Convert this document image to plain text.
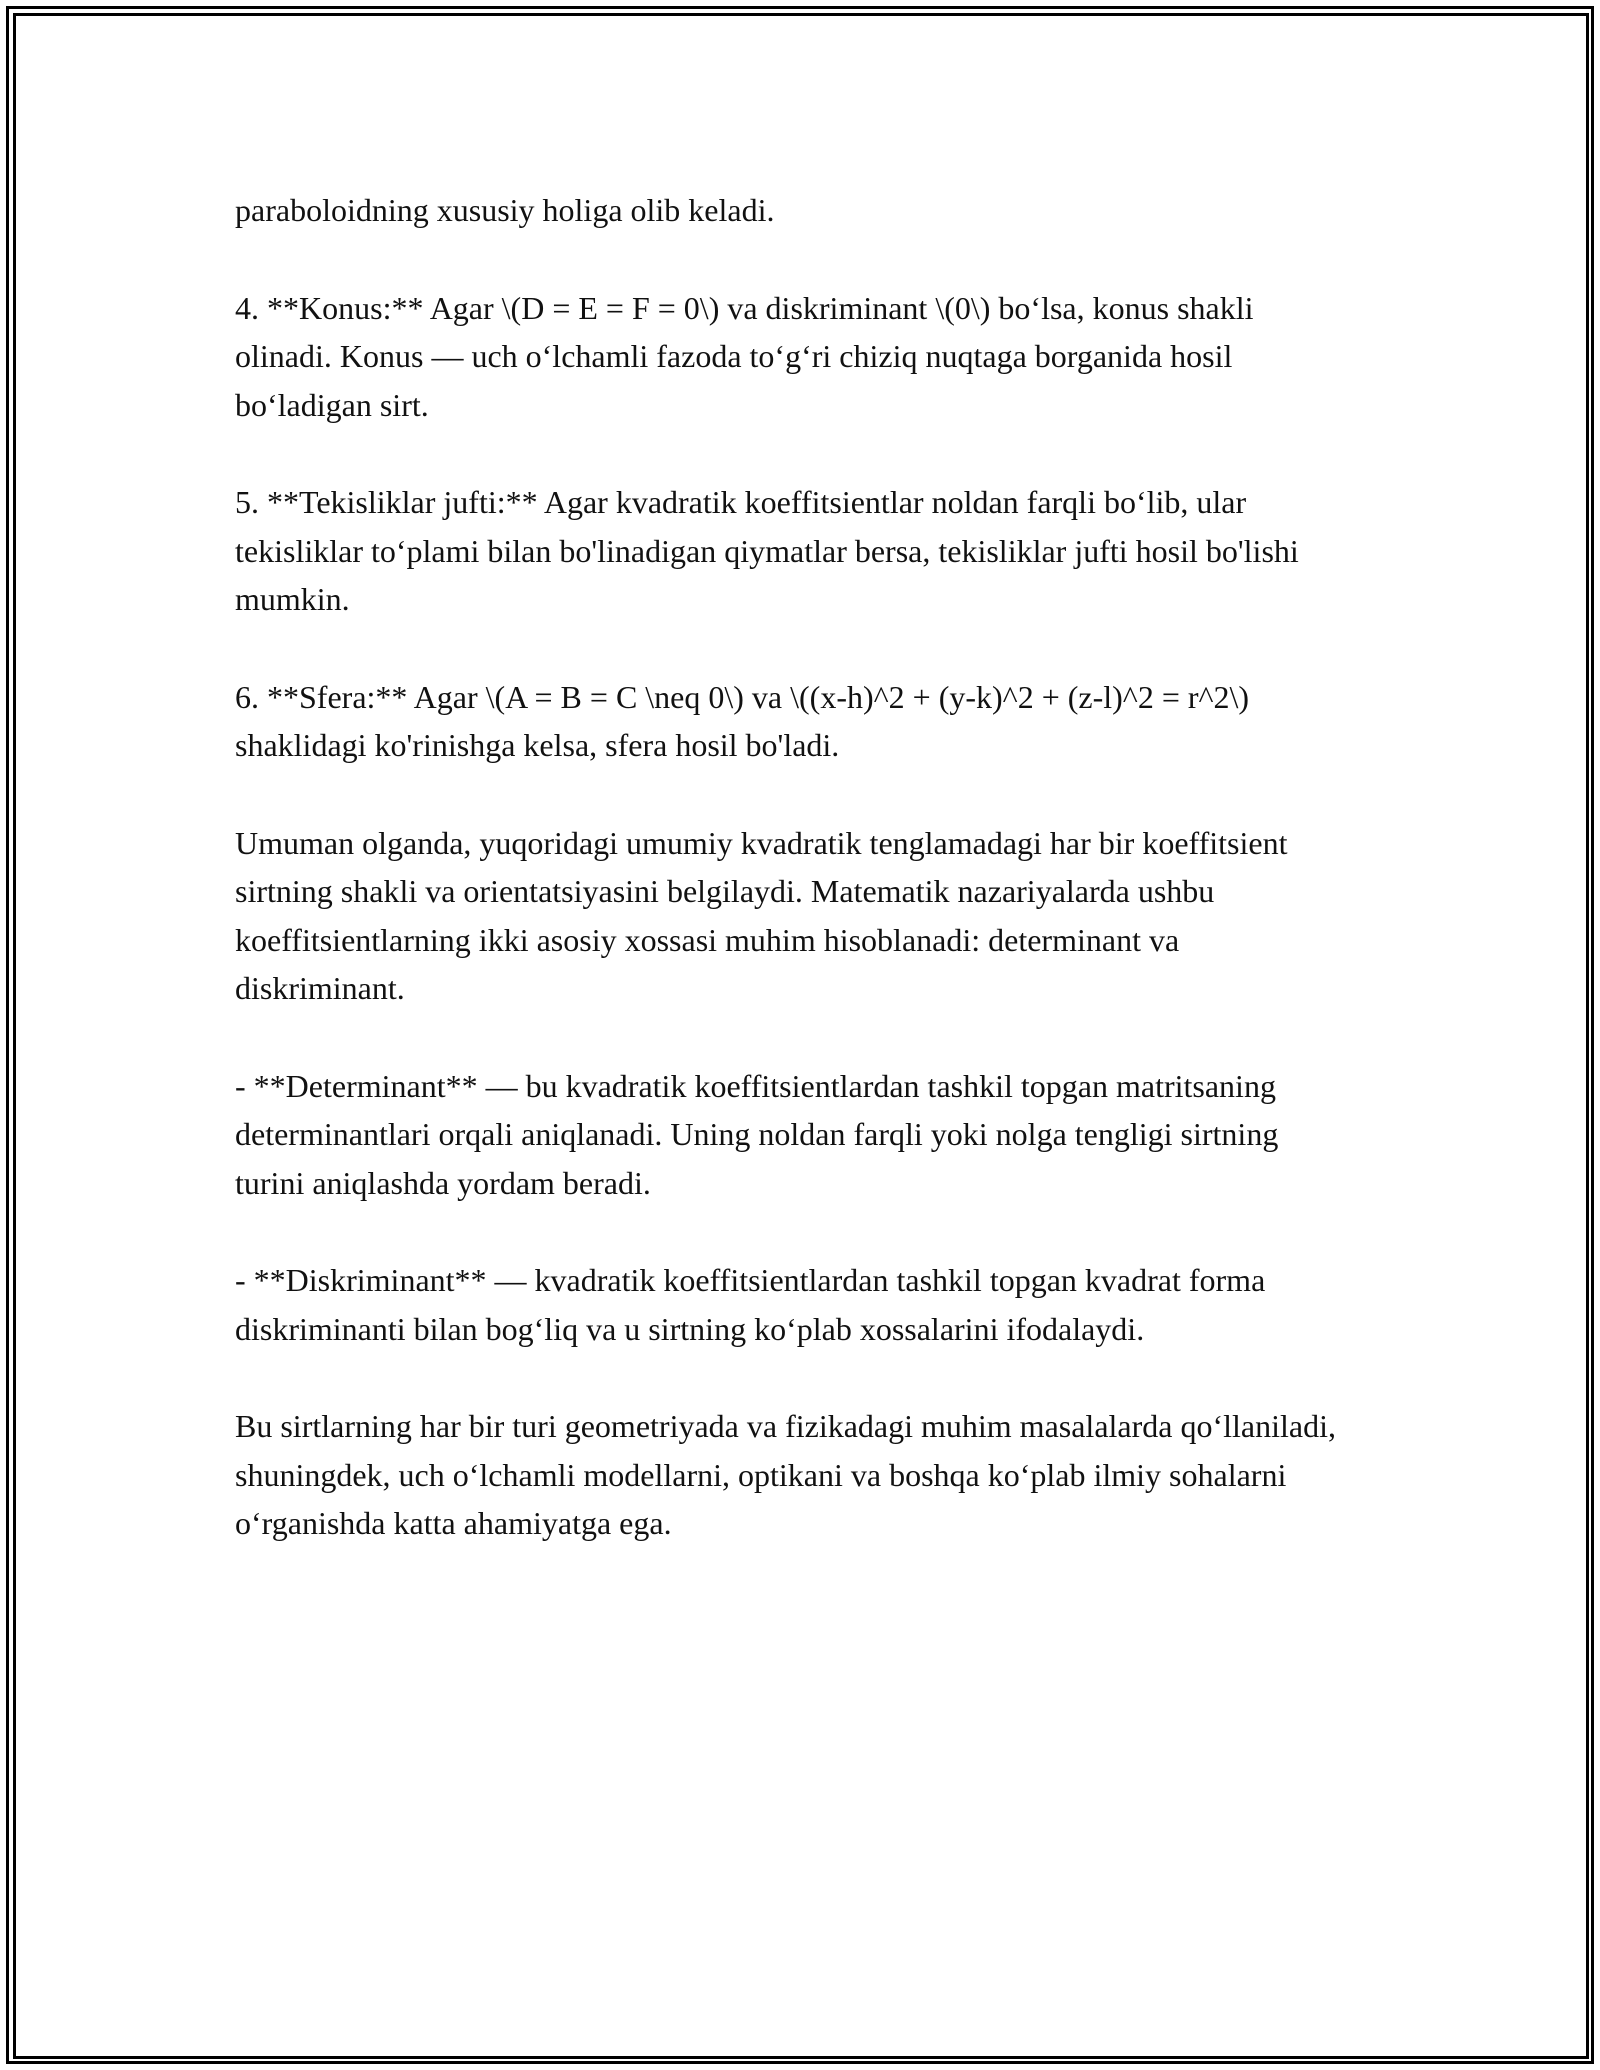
paraboloidning xususiy holiga olib keladi.

4. **Konus:** Agar \(D = E = F = 0\) va diskriminant \(0\) bo‘lsa, konus shakli olinadi. Konus — uch o‘lchamli fazoda to‘g‘ri chiziq nuqtaga borganida hosil bo‘ladigan sirt.

5. **Tekisliklar jufti:** Agar kvadratik koeffitsientlar noldan farqli bo‘lib, ular tekisliklar to‘plami bilan bo'linadigan qiymatlar bersa, tekisliklar jufti hosil bo'lishi mumkin.

6. **Sfera:** Agar \(A = B = C \neq 0\) va \((x-h)^2 + (y-k)^2 + (z-l)^2 = r^2\) shaklidagi ko'rinishga kelsa, sfera hosil bo'ladi.

Umuman olganda, yuqoridagi umumiy kvadratik tenglamadagi har bir koeffitsient sirtning shakli va orientatsiyasini belgilaydi. Matematik nazariyalarda ushbu koeffitsientlarning ikki asosiy xossasi muhim hisoblanadi: determinant va diskriminant.

- **Determinant** — bu kvadratik koeffitsientlardan tashkil topgan matritsaning determinantlari orqali aniqlanadi. Uning noldan farqli yoki nolga tengligi sirtning turini aniqlashda yordam beradi.

- **Diskriminant** — kvadratik koeffitsientlardan tashkil topgan kvadrat forma diskriminanti bilan bog‘liq va u sirtning ko‘plab xossalarini ifodalaydi.

Bu sirtlarning har bir turi geometriyada va fizikadagi muhim masalalarda qo‘llaniladi, shuningdek, uch o‘lchamli modellarni, optikani va boshqa ko‘plab ilmiy sohalarni o‘rganishda katta ahamiyatga ega.
